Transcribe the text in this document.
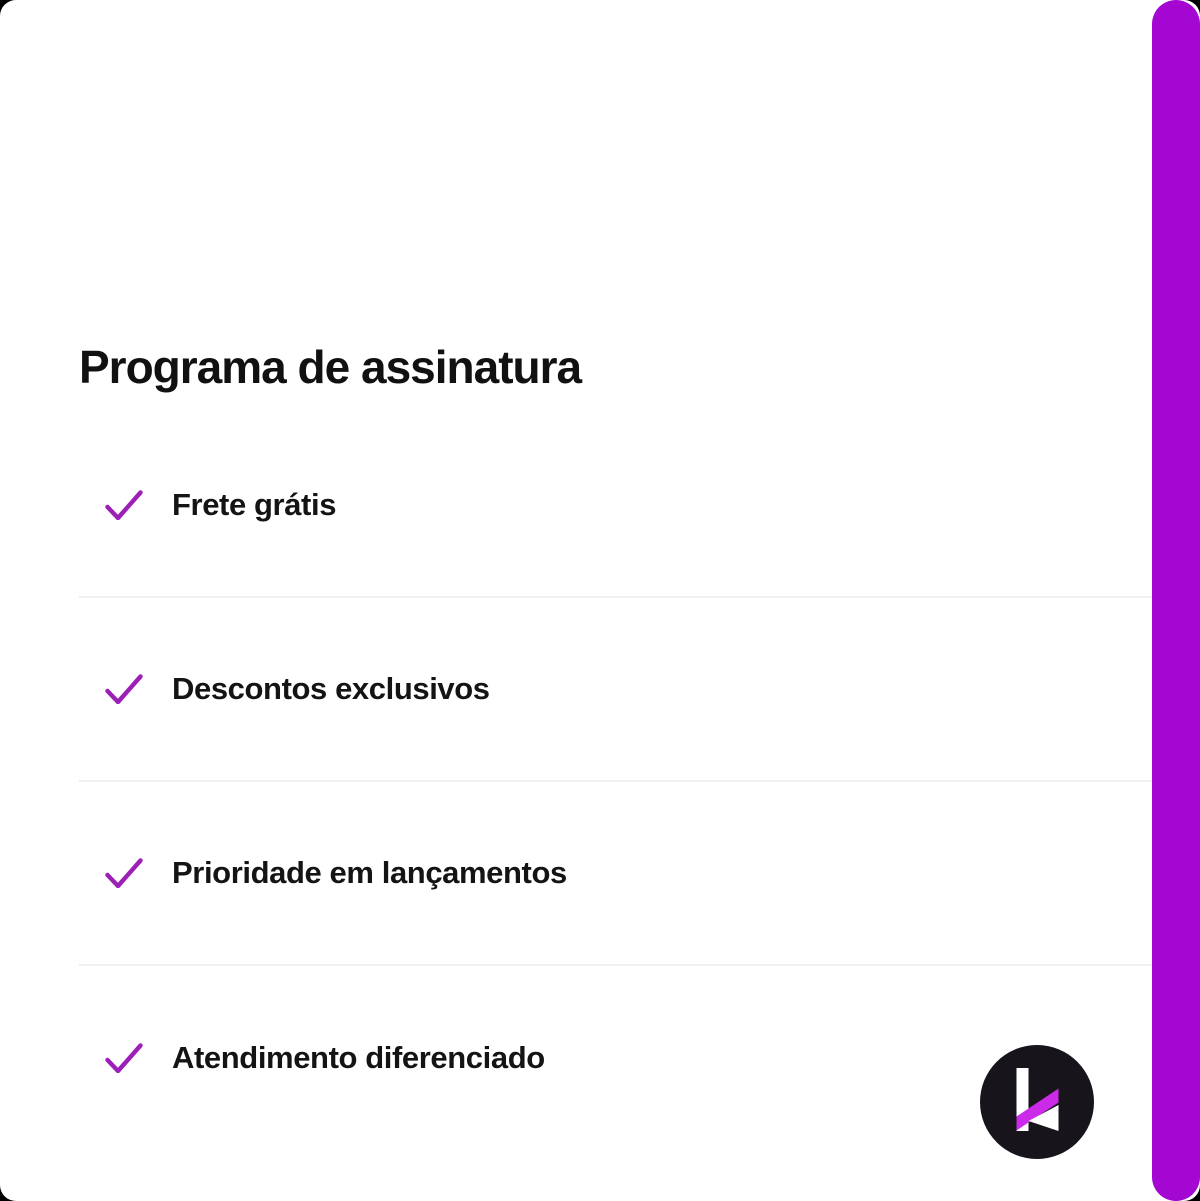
Programa de assinatura
Frete grátis
Descontos exclusivos
Prioridade em lançamentos
Atendimento diferenciado
